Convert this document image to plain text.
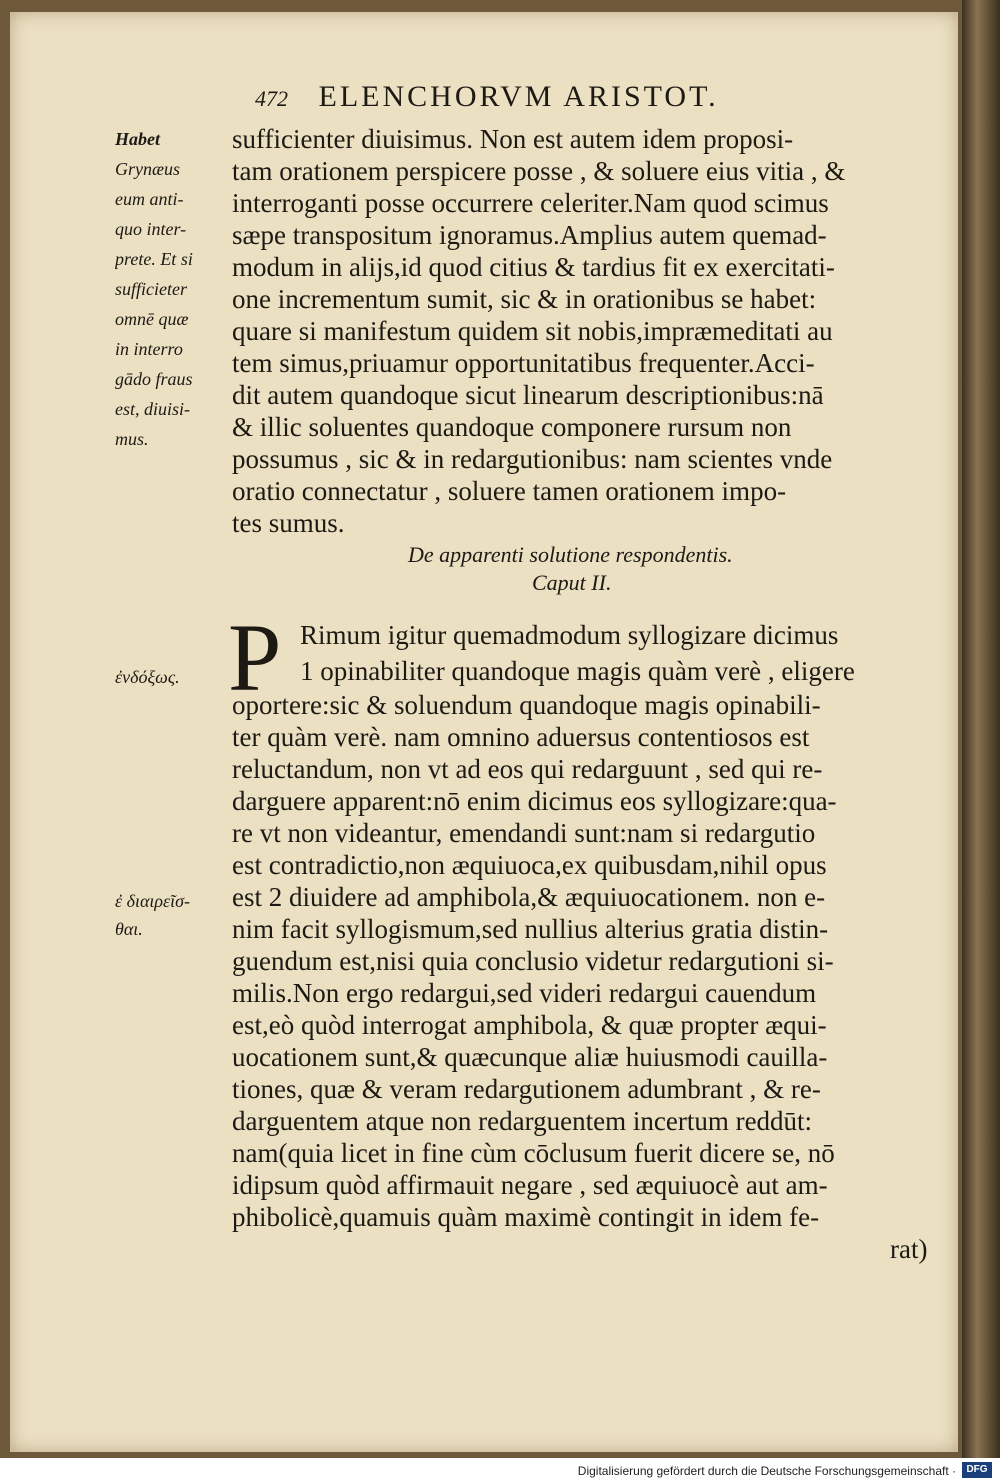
472 ELENCHORVM ARISTOT.
Habet
Grynæus
eum anti-
quo inter-
prete. Et si
sufficieter
omnē quæ
in interro
gādo fraus
est, diuisi-
mus.
sufficienter diuisimus. Non est autem idem proposi-
tam orationem perspicere posse , & soluere eius vitia , &
interroganti posse occurrere celeriter.Nam quod scimus
sæpe transpositum ignoramus.Amplius autem quemad-
modum in alijs,id quod citius & tardius fit ex exercitati-
one incrementum sumit, sic & in orationibus se habet:
quare si manifestum quidem sit nobis,impræmeditati au
tem simus,priuamur opportunitatibus frequenter.Acci-
dit autem quandoque sicut linearum descriptionibus:nā
& illic soluentes quandoque componere rursum non
possumus , sic & in redargutionibus: nam scientes vnde
oratio connectatur , soluere tamen orationem impo-
tes sumus.
De apparenti solutione respondentis.
Caput II.
P
ἐνδόξως.
ἐ διαιρεῖσ-
θαι.
Rimum igitur quemadmodum syllogizare dicimus
1 opinabiliter quandoque magis quàm verè , eligere
oportere:sic & soluendum quandoque magis opinabili-
ter quàm verè. nam omnino aduersus contentiosos est
reluctandum, non vt ad eos qui redarguunt , sed qui re-
darguere apparent:nō enim dicimus eos syllogizare:qua-
re vt non videantur, emendandi sunt:nam si redargutio
est contradictio,non æquiuoca,ex quibusdam,nihil opus
est 2 diuidere ad amphibola,& æquiuocationem. non e-
nim facit syllogismum,sed nullius alterius gratia distin-
guendum est,nisi quia conclusio videtur redargutioni si-
milis.Non ergo redargui,sed videri redargui cauendum
est,eò quòd interrogat amphibola, & quæ propter æqui-
uocationem sunt,& quæcunque aliæ huiusmodi cauilla-
tiones, quæ & veram redargutionem adumbrant , & re-
darguentem atque non redarguentem incertum reddūt:
nam(quia licet in fine cùm cōclusum fuerit dicere se, nō
idipsum quòd affirmauit negare , sed æquiuocè aut am-
phibolicè,quamuis quàm maximè contingit in idem fe-
rat)
Digitalisierung gefördert durch die Deutsche Forschungsgemeinschaft ·	DFG
